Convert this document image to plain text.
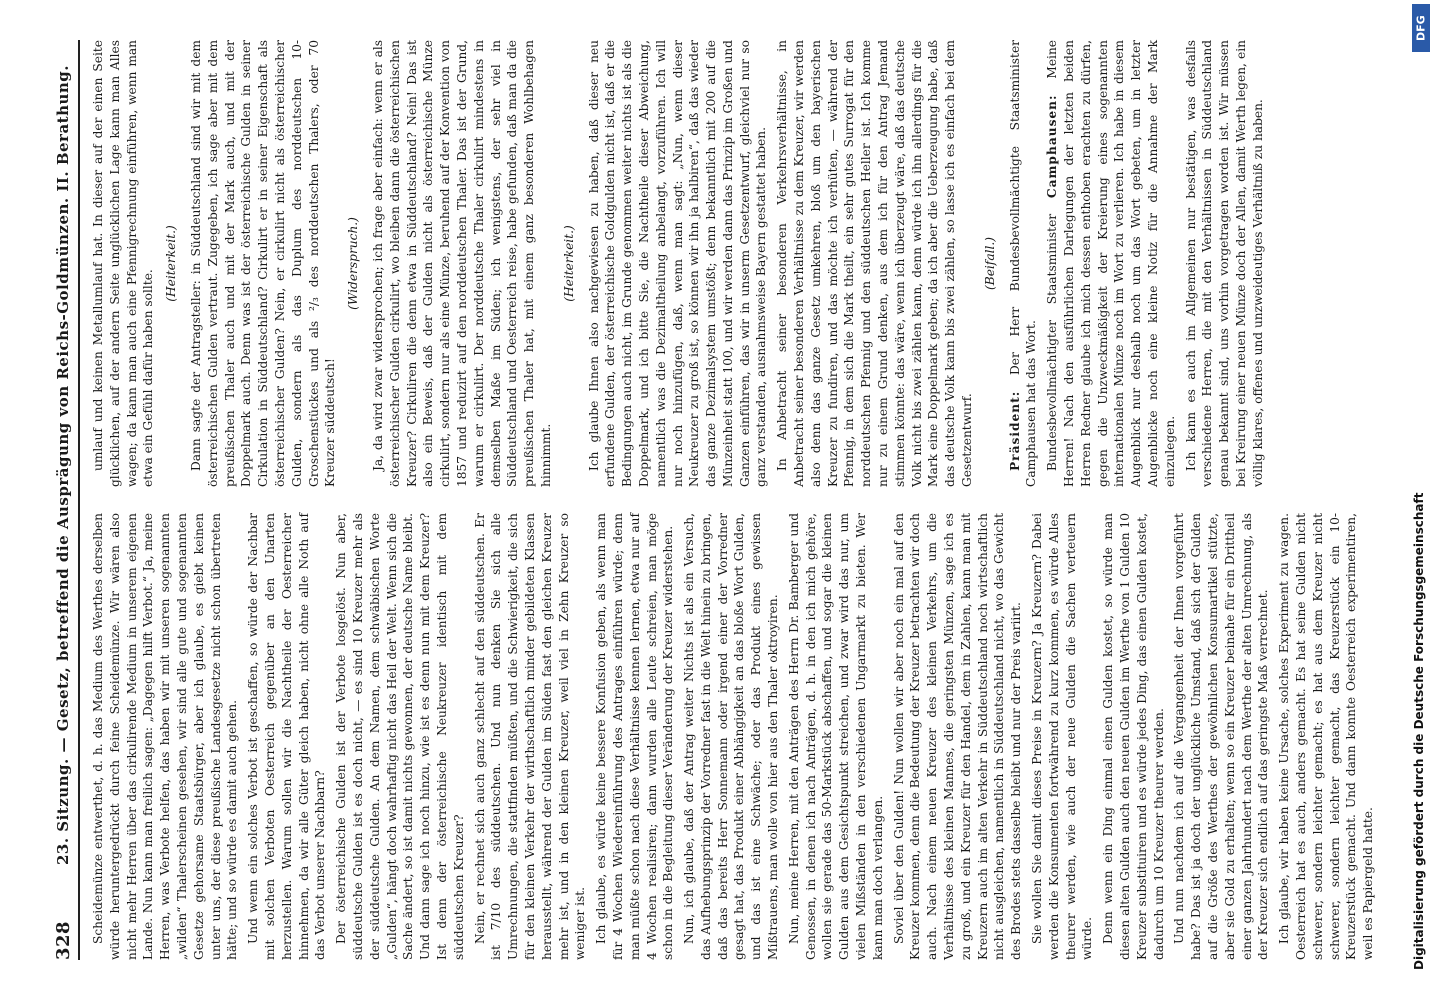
328
23. Sitzung. — Gesetz, betreffend die Ausprägung von Reichs-Goldmünzen. II. Berathung. Scheidemünze entwerthet, d. h. das Medium des Werthes derselben würde heruntergedrückt durch feine Scheidemünze. Wir wären also nicht mehr Herren über das cirkulirende Medium in unserem eigenen Lande. Nun kann man freilich sagen: „Dagegen hilft Verbot.“ Ja, meine Herren, was Verbote helfen, das haben wir mit unseren sogenannten „wilden“ Thalerscheinen gesehen, wir sind alle gute und sogenannten Gesetze gehorsame Staatsbürger, aber ich glaube, es giebt keinen unter uns, der diese preußische Landesgesetze nicht schon übertreten hätte; und so würde es damit auch gehen. Und wenn ein solches Verbot ist geschaffen, so würde der Nachbar mit solchen Verboten Oesterreich gegenüber an den Unarten herzustellen. Warum sollen wir die Nachtheile der Oesterreicher hinnehmen, da wir alle Güter gleich haben, nicht ohne alle Noth auf das Verbot unserer Nachbarn? Der österreichische Gulden ist der Verbote losgelöst. Nun aber, süddeutsche Gulden ist es doch nicht, — es sind 10 Kreuzer mehr als der süddeutsche Gulden. An dem Namen, dem schwäbischen Worte „Gulden“, hängt doch wahrhaftig nicht das Heil der Welt. Wenn sich die Sache ändert, so ist damit nichts gewonnen, der deutsche Name bleibt. Und dann sage ich noch hinzu, wie ist es denn nun mit dem Kreuzer? Ist denn der österreichische Neukreuzer identisch mit dem süddeutschen Kreuzer? Nein, er rechnet sich auch ganz schlecht auf den süddeutschen. Er ist 7/10 des süddeutschen. Und nun denken Sie sich alle Umrechnungen, die stattfinden müßten, und die Schwierigkeit, die sich für den kleinen Verkehr der wirthschaftlich minder gebildeten Klassen herausstellt, während der Gulden im Süden fast den gleichen Kreuzer mehr ist, und in den kleinen Kreuzer, weil viel in Zehn Kreuzer so weniger ist. Ich glaube, es würde keine bessere Konfusion geben, als wenn man für 4 Wochen Wiedereinführung des Antrages einführen würde; denn man müßte schon nach diese Verhältnisse kennen lernen, etwa nur auf 4 Wochen realisiren; dann wurden alle Leute schreien, man möge schon in die Begleitung dieser Veränderung der Kreuzer widerstehen. Nun, ich glaube, daß der Antrag weiter Nichts ist als ein Versuch, das Aufhebungsprinzip der Vorredner fast in die Welt hinein zu bringen, daß das bereits Herr Sonnemann oder irgend einer der Vorredner gesagt hat, das Produkt einer Abhängigkeit an das bloße Wort Gulden, und das ist eine Schwäche; oder das Produkt eines gewissen Mißtrauens, man wolle von hier aus den Thaler oktroyiren. Nun, meine Herren, mit den Anträgen des Herrn Dr. Bamberger und Genossen, in denen ich nach Anträgen, d. h. in den ich mich gehöre, wollen sie gerade das 50-Markstück abschaffen, und sogar die kleinen Gulden aus dem Gesichtspunkt streichen, und zwar wird das nur, um vielen Mißständen in den verschiedenen Ungarmarkt zu bieten. Wer kann man doch verlangen. Soviel über den Gulden! Nun wollen wir aber noch ein mal auf den Kreuzer kommen, denn die Bedeutung der Kreuzer betrachten wir doch auch. Nach einem neuen Kreuzer des kleinen Verkehrs, um die Verhältnisse des kleinen Mannes, die geringsten Münzen, sage ich es zu groß, und ein Kreuzer für den Handel, dem in Zahlen, kann man mit Kreuzern auch im alten Verkehr in Süddeutschland noch wirtschaftlich nicht ausgleichen, namentlich in Süddeutschland nicht, wo das Gewicht des Brodes stets dasselbe bleibt und nur der Preis variirt. Sie wollen Sie damit dieses Preise in Kreuzern? Ja Kreuzern? Dabei werden die Konsumenten fortwährend zu kurz kommen, es würde Alles theurer werden, wie auch der neue Gulden die Sachen verteuern würde. Denn wenn ein Ding einmal einen Gulden kostet, so würde man diesen alten Gulden auch den neuen Gulden im Werthe von 1 Gulden 10 Kreuzer substituiren und es würde jedes Ding, das einen Gulden kostet, dadurch um 10 Kreuzer theurer werden. Und nun nachdem ich auf die Vergangenheit der Ihnen vorgeführt habe? Das ist ja doch der unglückliche Umstand, daß sich der Gulden auf die Größe des Werthes der gewöhnlichen Konsumartikel stützte, aber sie Gold zu erhalten; wenn so ein Kreuzer beinahe für ein Drittheil einer ganzen Jahrhundert nach dem Werthe der alten Umrechnung, als der Kreuzer sich endlich auf das geringste Maß verrechnet. Ich glaube, wir haben keine Ursache, solches Experiment zu wagen. Oesterreich hat es auch, anders gemacht. Es hat seine Gulden nicht schwerer, sondern leichter gemacht; es hat aus dem Kreuzer nicht schwerer, sondern leichter gemacht, das Kreuzerstück ein 10-Kreuzerstück gemacht. Und dann konnte Oesterreich experimentiren, weil es Papiergeld hatte.

umlauf und keinen Metallumlauf hat. In dieser auf der einen Seite glücklichen, auf der andern Seite unglücklichen Lage kann man Alles wagen; da kann man auch eine Pfennigrechnung einführen, wenn man etwa ein Gefühl dafür haben sollte.

(Heiterkeit.) Dann sagte der Antragsteller: in Süddeutschland sind wir mit dem österreichischen Gulden vertraut. Zugegeben, ich sage aber mit dem preußischen Thaler auch und mit der Mark auch, und mit der Doppelmark auch. Denn was ist der österreichische Gulden in seiner Cirkulation in Süddeutschland? Cirkulirt er in seiner Eigenschaft als österreichischer Gulden? Nein, er cirkulirt nicht als österreichischer Gulden, sondern als das Duplum des norddeutschen 10-Groschenstückes und als ²/₃ des norddeutschen Thalers, oder 70 Kreuzer süddeutsch!

(Widerspruch.) Ja, da wird zwar widersprochen; ich frage aber einfach: wenn er als österreichischer Gulden cirkulirt, wo bleiben dann die österreichischen Kreuzer? Cirkuliren die denn etwa in Süddeutschland? Nein! Das ist also ein Beweis, daß der Gulden nicht als österreichische Münze cirkulirt, sondern nur als eine Münze, beruhend auf der Konvention von 1857 und reduzirt auf den norddeutschen Thaler. Das ist der Grund, warum er cirkulirt. Der norddeutsche Thaler cirkulirt mindestens in demselben Maße im Süden; ich wenigstens, der sehr viel in Süddeutschland und Oesterreich reise, habe gefunden, daß man da die preußischen Thaler hat, mit einem ganz besonderen Wohlbehagen hinnimmt.

(Heiterkeit.) Ich glaube Ihnen also nachgewiesen zu haben, daß dieser neu erfundene Gulden, der österreichische Goldgulden nicht ist, daß er die Bedingungen auch nicht, im Grunde genommen weiter nichts ist als die Doppelmark, und ich bitte Sie, die Nachtheile dieser Abweichung, namentlich was die Dezimaltheilung anbelangt, vorzuführen. Ich will nur noch hinzufügen, daß, wenn man sagt: „Nun, wenn dieser Neukreuzer zu groß ist, so können wir ihn ja halbiren“, daß das wieder das ganze Dezimalsystem umstößt; denn bekanntlich mit 200 auf die Münzeinheit statt 100, und wir werden dann das Prinzip im Großen und Ganzen einführen, das wir in unserm Gesetzentwurf, gleichviel nur so ganz verstanden, ausnahmsweise Bayern gestattet haben. In Anbetracht seiner besonderen Verkehrsverhältnisse, in Anbetracht seiner besonderen Verhältnisse zu dem Kreuzer, wir werden also denn das ganze Gesetz umkehren, bloß um den bayerischen Kreuzer zu fundiren, und das möchte ich verhüten, — während der Pfennig, in dem sich die Mark theilt, ein sehr gutes Surrogat für den norddeutschen Pfennig und den süddeutschen Heller ist. Ich komme nur zu einem Grund denken, aus dem ich für den Antrag Jemand stimmen könnte: das wäre, wenn ich überzeugt wäre, daß das deutsche Volk nicht bis zwei zählen kann, denn würde ich ihn allerdings für die Mark eine Doppelmark geben; da ich aber die Ueberzeugung habe, daß das deutsche Volk kann bis zwei zählen, so lasse ich es einfach bei dem Gesetzentwurf.

(Beifall.)

Präsident: Der Herr Bundesbevollmächtigte Staatsminister Camphausen hat das Wort. Bundesbevollmächtigter Staatsminister Camphausen: Meine Herren! Nach den ausführlichen Darlegungen der letzten beiden Herren Redner glaube ich mich dessen enthoben erachten zu dürfen, gegen die Unzweckmäßigkeit der Kreierung eines sogenannten internationalen Münze noch im Wort zu verlieren. Ich habe in diesem Augenblick nur deshalb noch um das Wort gebeten, um in letzter Augenblicke noch eine kleine Notiz für die Annahme der Mark einzulegen. Ich kann es auch im Allgemeinen nur bestätigen, was desfalls verschiedene Herren, die mit den Verhältnissen in Süddeutschland genau bekannt sind, uns vorhin vorgetragen worden ist. Wir müssen bei Kreirung einer neuen Münze doch der Allen, damit Werth legen, ein völlig klares, offenes und unzweideutiges Verhältniß zu haben.

DFG
Digitalisierung gefördert durch die Deutsche Forschungsgemeinschaft
